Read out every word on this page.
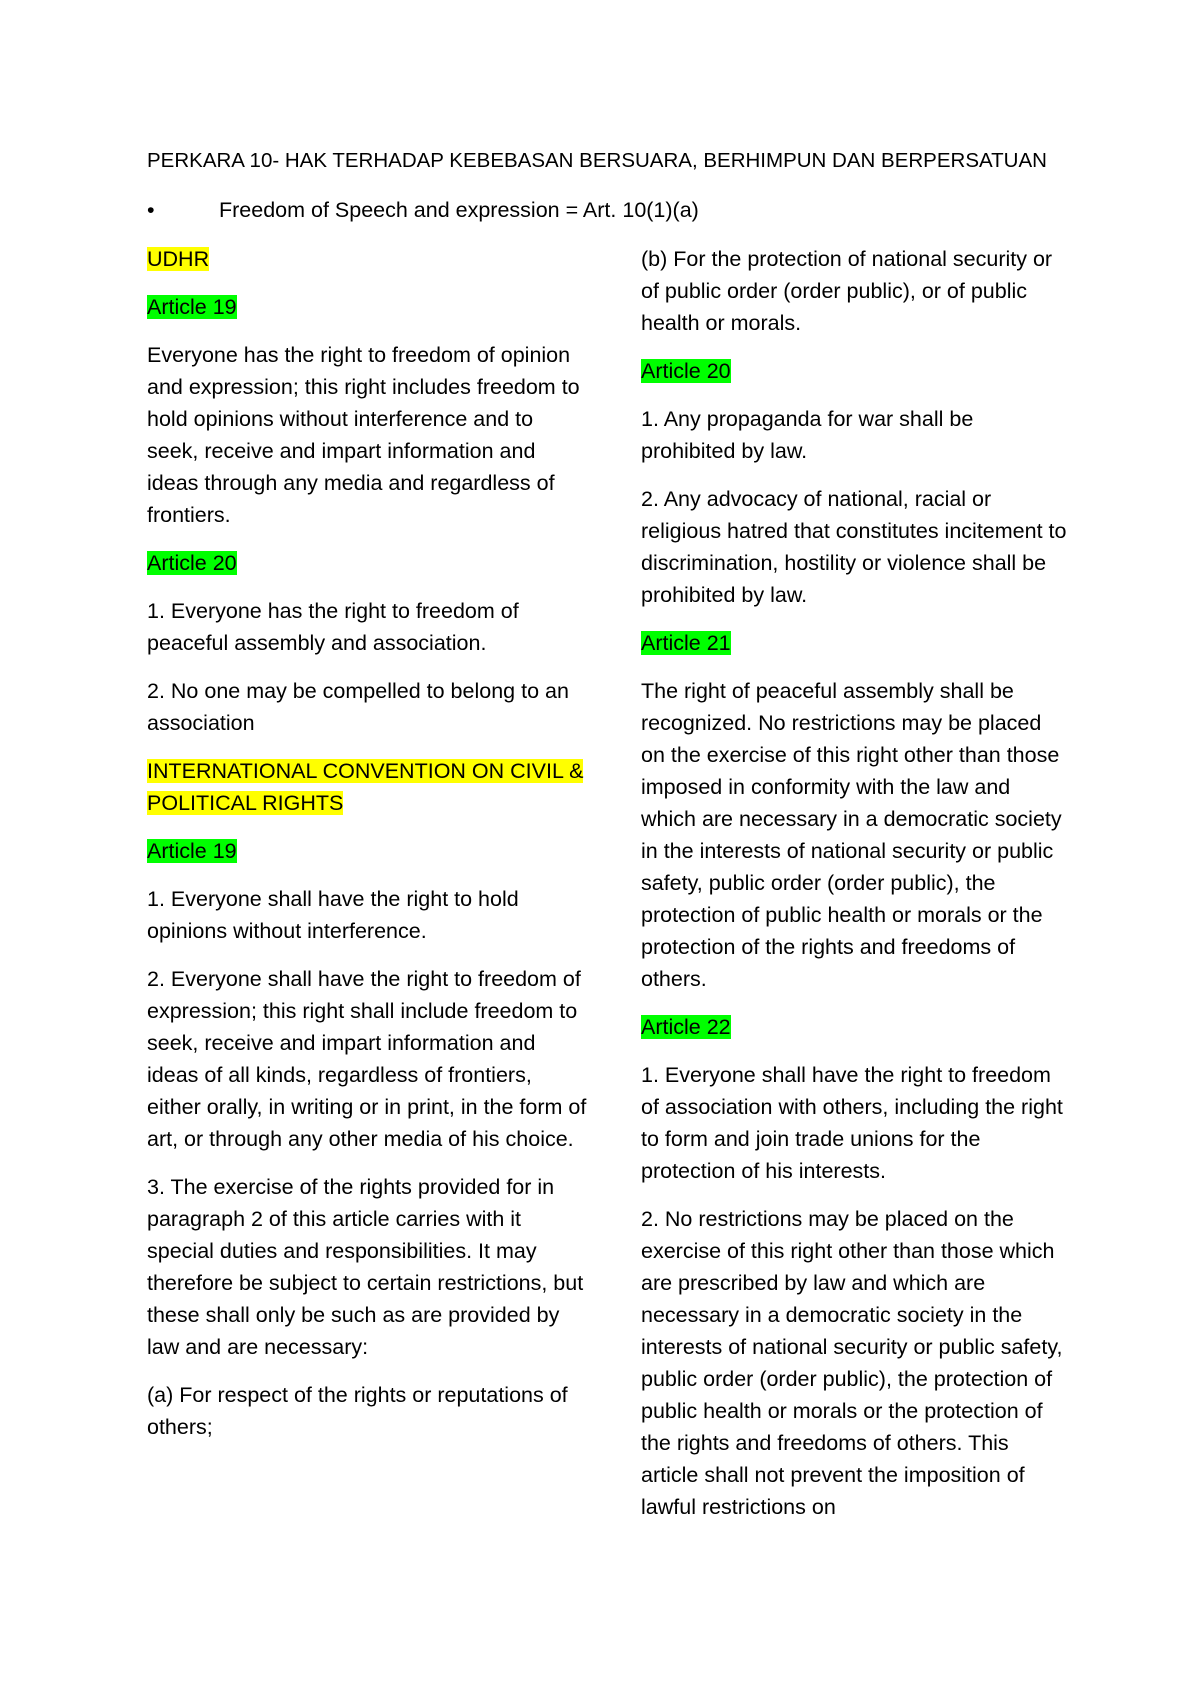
PERKARA 10- HAK TERHADAP KEBEBASAN BERSUARA, BERHIMPUN DAN BERPERSATUAN
•	Freedom of Speech and expression = Art. 10(1)(a)
UDHR
Article 19
Everyone has the right to freedom of opinion and expression; this right includes freedom to hold opinions without interference and to seek, receive and impart information and ideas through any media and regardless of frontiers.
Article 20
1. Everyone has the right to freedom of peaceful assembly and association.
2. No one may be compelled to belong to an association
INTERNATIONAL CONVENTION ON CIVIL & POLITICAL RIGHTS
Article 19
1. Everyone shall have the right to hold opinions without interference.
2. Everyone shall have the right to freedom of expression; this right shall include freedom to seek, receive and impart information and ideas of all kinds, regardless of frontiers, either orally, in writing or in print, in the form of art, or through any other media of his choice.
3. The exercise of the rights provided for in paragraph 2 of this article carries with it special duties and responsibilities. It may therefore be subject to certain restrictions, but these shall only be such as are provided by law and are necessary:
(a) For respect of the rights or reputations of others;
(b) For the protection of national security or of public order (order public), or of public health or morals.
Article 20
1. Any propaganda for war shall be prohibited by law.
2. Any advocacy of national, racial or religious hatred that constitutes incitement to discrimination, hostility or violence shall be prohibited by law.
Article 21
The right of peaceful assembly shall be recognized. No restrictions may be placed on the exercise of this right other than those imposed in conformity with the law and which are necessary in a democratic society in the interests of national security or public safety, public order (order public), the protection of public health or morals or the protection of the rights and freedoms of others.
Article 22
1. Everyone shall have the right to freedom of association with others, including the right to form and join trade unions for the protection of his interests.
2. No restrictions may be placed on the exercise of this right other than those which are prescribed by law and which are necessary in a democratic society in the interests of national security or public safety, public order (order public), the protection of public health or morals or the protection of the rights and freedoms of others. This article shall not prevent the imposition of lawful restrictions on
